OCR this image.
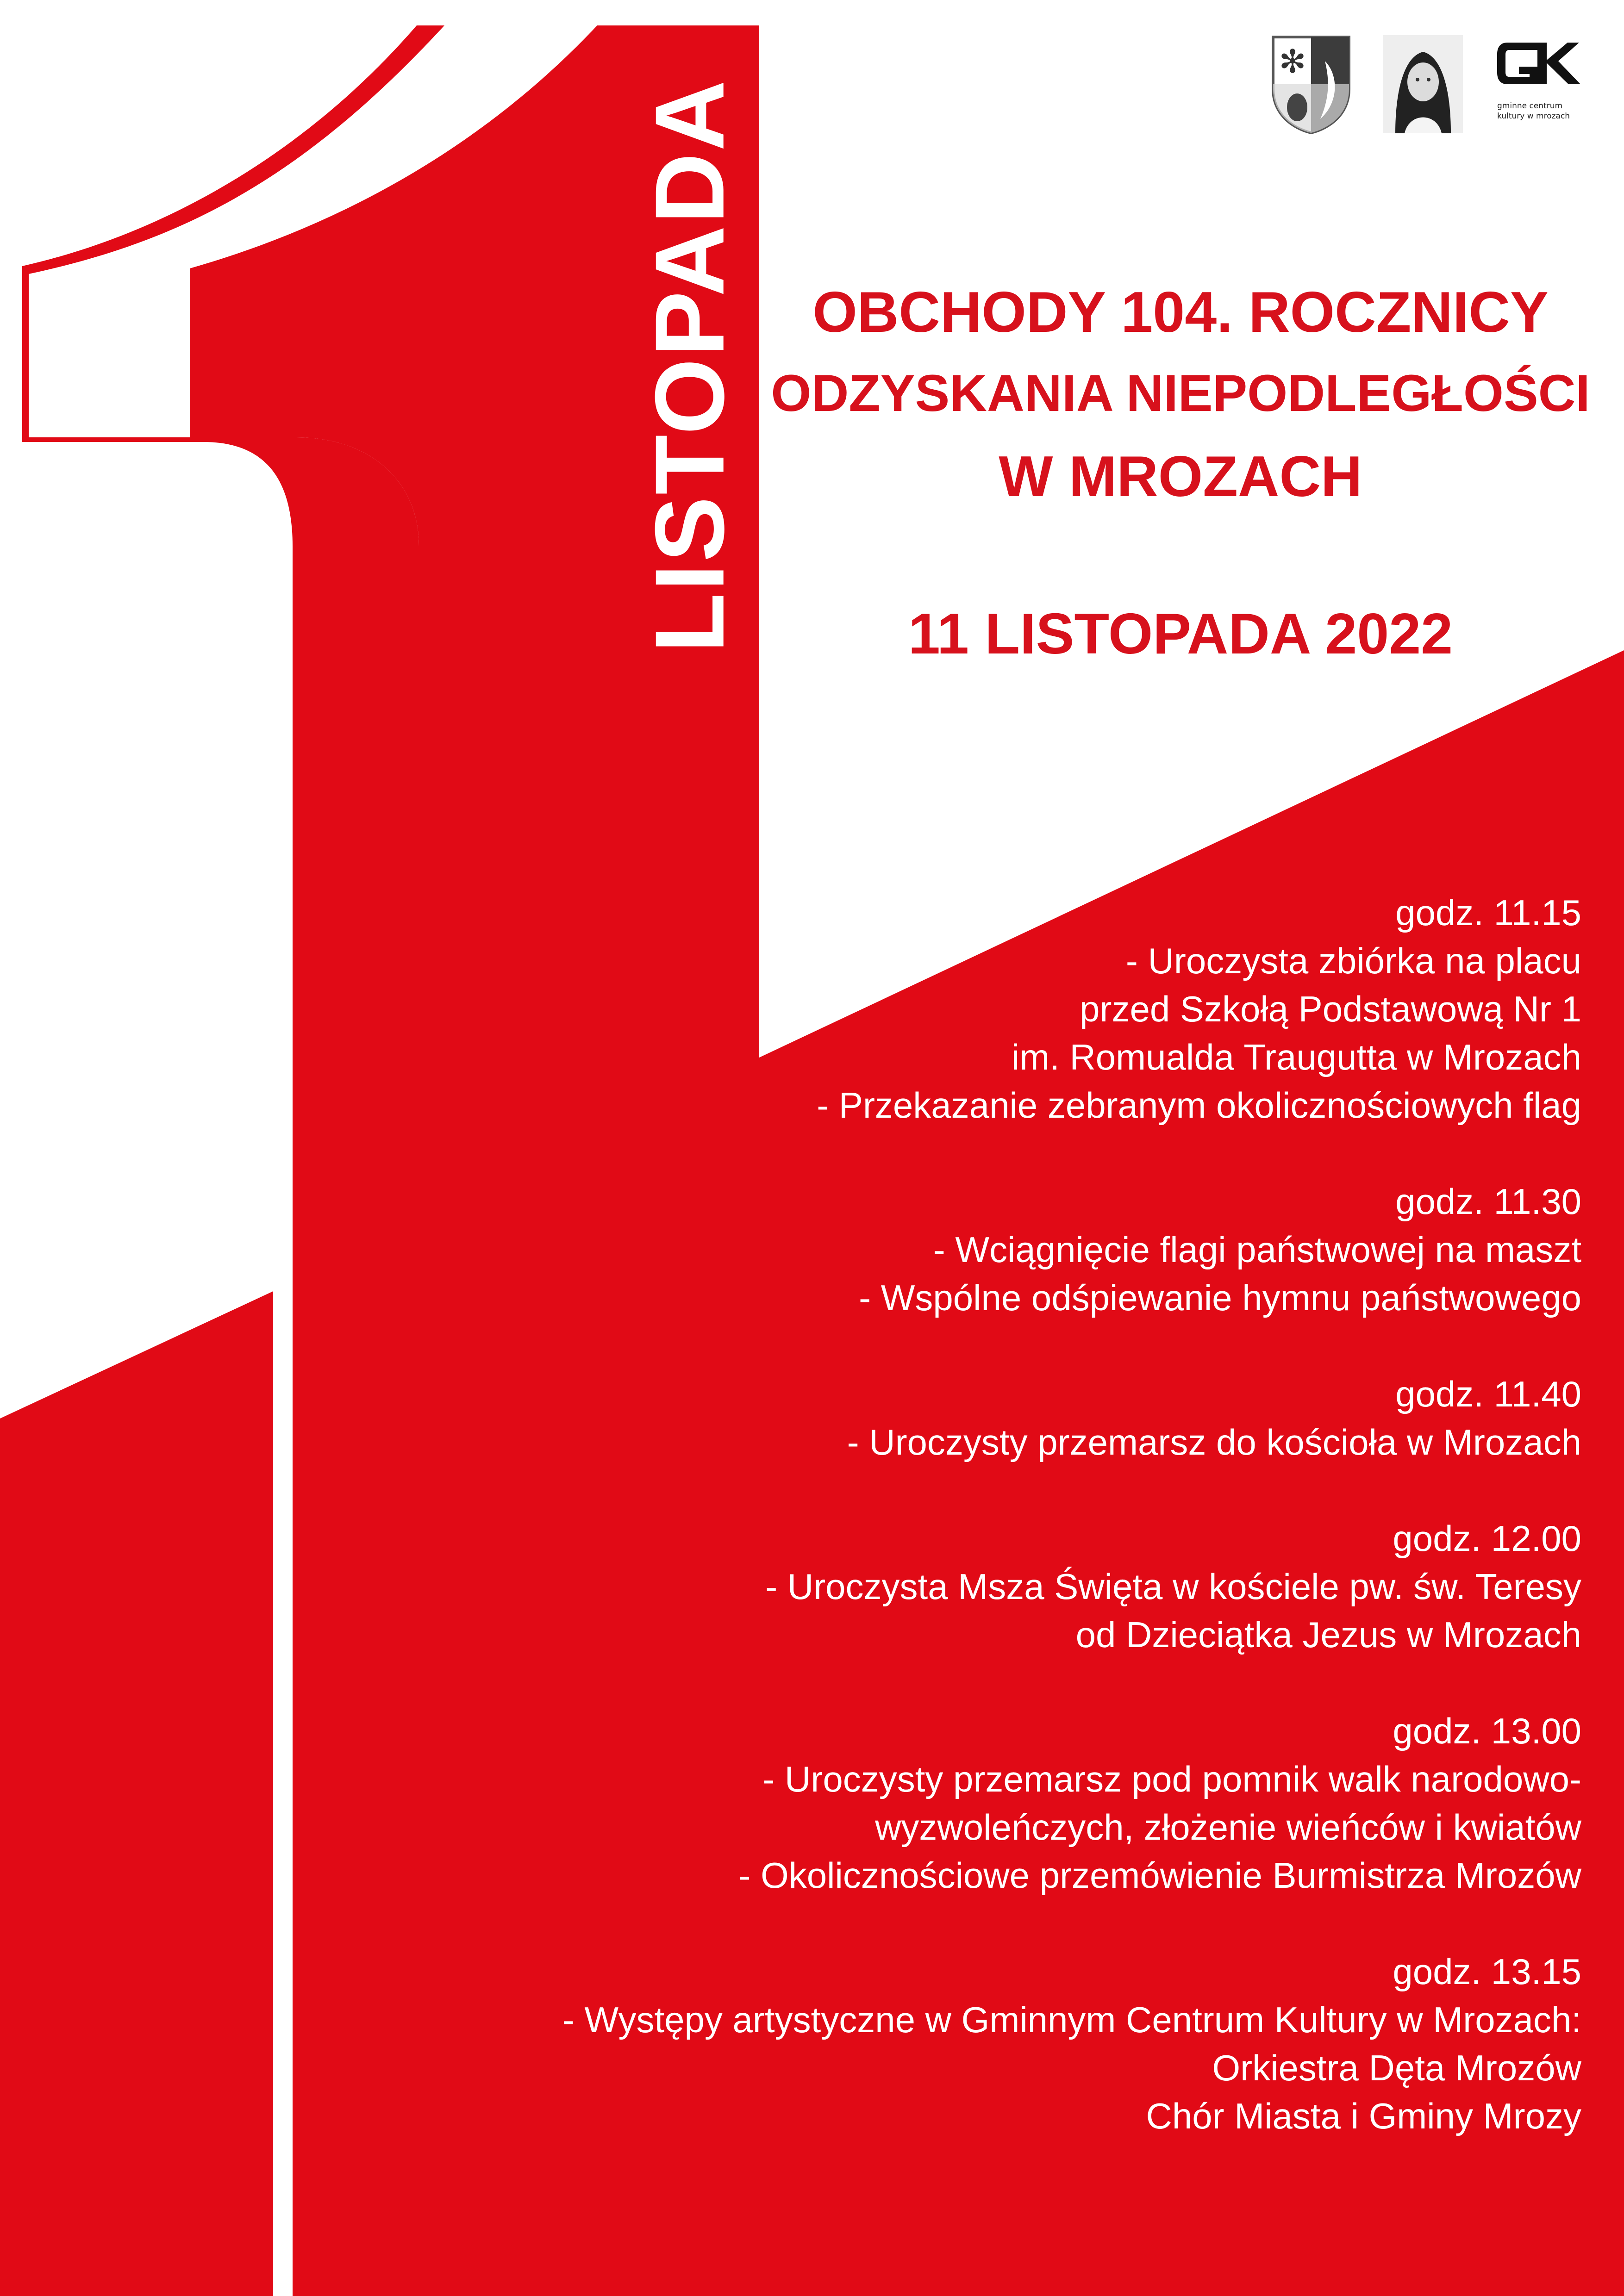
LISTOPADA
✻
gminne centrum
kultury w mrozach
OBCHODY 104. ROCZNICY
ODZYSKANIA NIEPODLEGŁOŚCI
W MROZACH
11 LISTOPADA 2022

godz. 11.15

- Uroczysta zbiórka na placu

przed Szkołą Podstawową Nr 1

im. Romualda Traugutta w Mrozach

- Przekazanie zebranym okolicznościowych flag

godz. 11.30

- Wciągnięcie flagi państwowej na maszt

- Wspólne odśpiewanie hymnu państwowego

godz. 11.40

- Uroczysty przemarsz do kościoła w Mrozach

godz. 12.00

- Uroczysta Msza Święta w kościele pw. św. Teresy

od Dzieciątka Jezus w Mrozach

godz. 13.00

- Uroczysty przemarsz pod pomnik walk narodowo-

wyzwoleńczych, złożenie wieńców i kwiatów

- Okolicznościowe przemówienie Burmistrza Mrozów

godz. 13.15

- Występy artystyczne w Gminnym Centrum Kultury w Mrozach:

Orkiestra Dęta Mrozów

Chór Miasta i Gminy Mrozy
